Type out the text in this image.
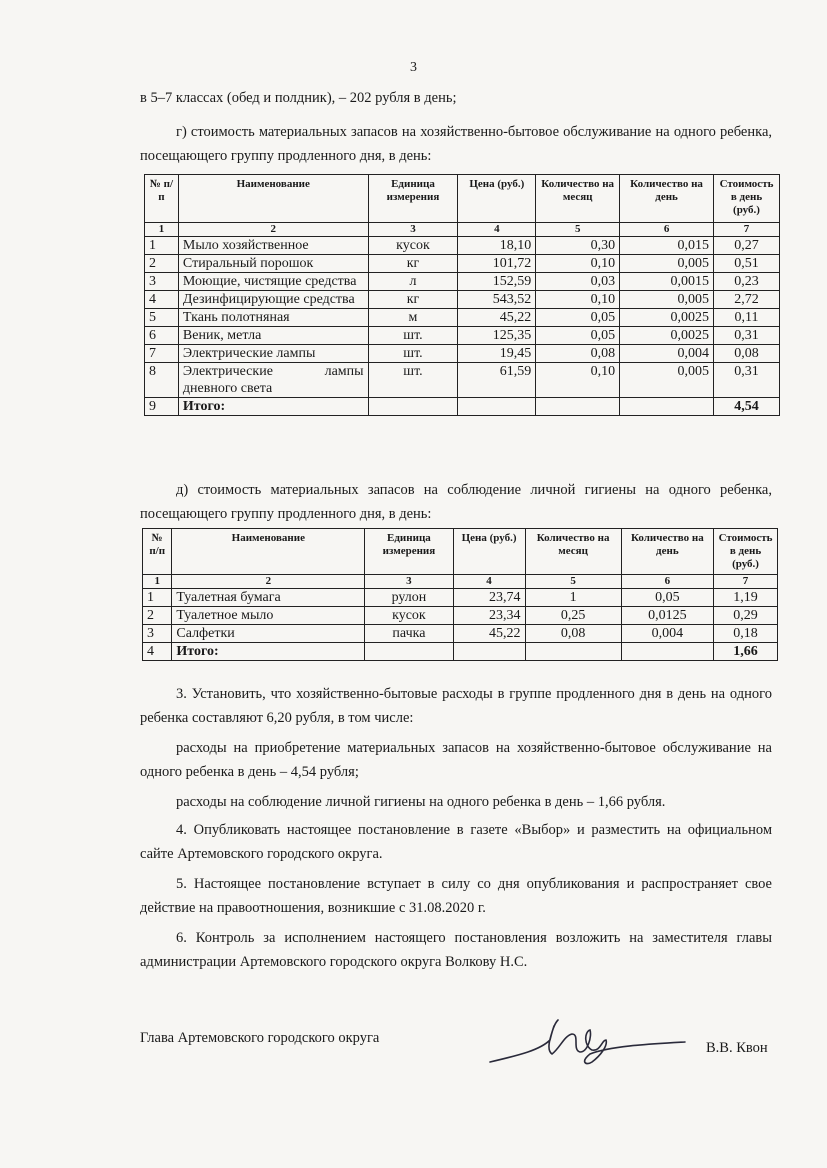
3
в 5–7 классах (обед и полдник), – 202 рубля в день;
г) стоимость материальных запасов на хозяйственно-бытовое обслуживание на одного ребенка, посещающего группу продленного дня, в день:
№ п/п	Наименование	Единица измерения	Цена (руб.)	Количество на месяц	Количество на день	Стоимость в день (руб.)
1	2	3	4	5	6	7
1	Мыло хозяйственное	кусок	18,10	0,30	0,015	0,27
2	Стиральный порошок	кг	101,72	0,10	0,005	0,51
3	Моющие, чистящие средства	л	152,59	0,03	0,0015	0,23
4	Дезинфицирующие средства	кг	543,52	0,10	0,005	2,72
5	Ткань полотняная	м	45,22	0,05	0,0025	0,11
6	Веник, метла	шт.	125,35	0,05	0,0025	0,31
7	Электрические лампы	шт.	19,45	0,08	0,004	0,08
8	Электрические лампы дневного света	шт.	61,59	0,10	0,005	0,31
9	Итого:					4,54
д) стоимость материальных запасов на соблюдение личной гигиены на одного ребенка, посещающего группу продленного дня, в день:
№ п/п	Наименование	Единица измерения	Цена (руб.)	Количество на месяц	Количество на день	Стоимость в день (руб.)
1	2	3	4	5	6	7
1	Туалетная бумага	рулон	23,74	1	0,05	1,19
2	Туалетное мыло	кусок	23,34	0,25	0,0125	0,29
3	Салфетки	пачка	45,22	0,08	0,004	0,18
4	Итого:					1,66
3. Установить, что хозяйственно-бытовые расходы в группе продленного дня в день на одного ребенка составляют 6,20 рубля, в том числе:
расходы на приобретение материальных запасов на хозяйственно-бытовое обслуживание на одного ребенка в день – 4,54 рубля;
расходы на соблюдение личной гигиены на одного ребенка в день – 1,66 рубля.
4. Опубликовать настоящее постановление в газете «Выбор» и разместить на официальном сайте Артемовского городского округа.
5. Настоящее постановление вступает в силу со дня опубликования и распространяет свое действие на правоотношения, возникшие с 31.08.2020 г.
6. Контроль за исполнением настоящего постановления возложить на заместителя главы администрации Артемовского городского округа Волкову Н.С.
Глава Артемовского городского округа
В.В. Квон
